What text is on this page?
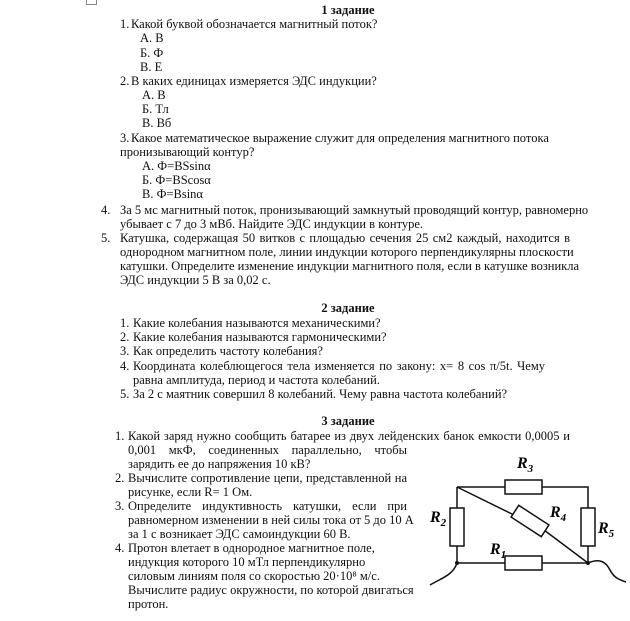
1 задание
1. Какой буквой обозначается магнитный поток?
А. В
Б. Ф
В. Е
2. В каких единицах измеряется ЭДС индукции?
А. В
Б. Тл
В. Вб
3. Какое математическое выражение служит для определения магнитного потока
пронизывающий контур?
А. Ф=BSsinα
Б. Ф=BScosα
В. Ф=Bsinα
4. За 5 мс магнитный поток, пронизывающий замкнутый проводящий контур, равномерно
убывает с 7 до 3 мВб. Найдите ЭДС индукции в контуре.
5. Катушка, содержащая 50 витков с площадью сечения 25 см2 каждый, находится в
однородном магнитном поле, линии индукции которого перпендикулярны плоскости
катушки. Определите изменение индукции магнитного поля, если в катушке возникла
ЭДС индукции 5 В за 0,02 с.
2 задание
1. Какие колебания называются механическими?
2. Какие колебания называются гармоническими?
3. Как определить частоту колебания?
4. Координата колеблющегося тела изменяется по законy: x= 8 cos π/5t. Чему
равна амплитуда, период и частота колебаний.
5. За 2 с маятник совершил 8 колебаний. Чему равна частота колебаний?
3 задание
1. Какой заряд нужно сообщить батарее из двух лейденских банок емкости 0,0005 и
0,001 мкФ, соединенных параллельно, чтобы
зарядить ее до напряжения 10 кВ?
2. Вычислите сопротивление цепи, представленной на
рисунке, если R= 1 Ом.
3. Определите индуктивность катушки, если при
равномерном изменении в ней силы тока от 5 до 10 А
за 1 с возникает ЭДС самоиндукции 60 В.
4. Протон влетает в однородное магнитное поле,
индукция которого 10 мТл перпендикулярно
силовым линиям поля со скоростью 20·10⁸ м/с.
Вычислите радиус окружности, по которой двигаться
протон.
$R_3$
$R_2$
$R_4$
$R_5$
$R_1$
